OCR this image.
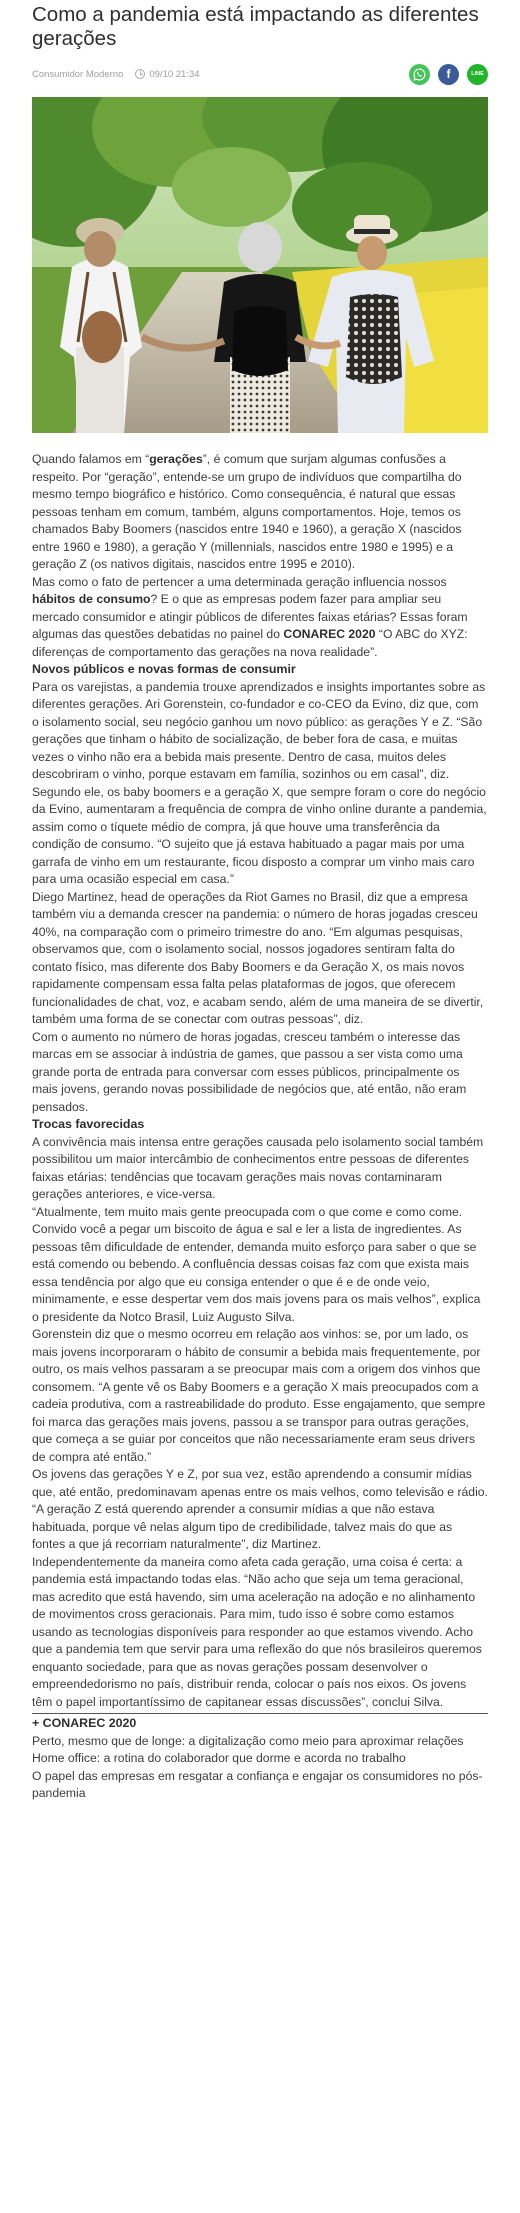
Como a pandemia está impactando as diferentes gerações
Consumidor Moderno	09/10 21:34	f	LINE

Quando falamos em “gerações”, é comum que surjam algumas confusões a respeito. Por “geração”, entende-se um grupo de indivíduos que compartilha do mesmo tempo biográfico e histórico. Como consequência, é natural que essas pessoas tenham em comum, também, alguns comportamentos. Hoje, temos os chamados Baby Boomers (nascidos entre 1940 e 1960), a geração X (nascidos entre 1960 e 1980), a geração Y (millennials, nascidos entre 1980 e 1995) e a geração Z (os nativos digitais, nascidos entre 1995 e 2010).

Mas como o fato de pertencer a uma determinada geração influencia nossos hábitos de consumo? E o que as empresas podem fazer para ampliar seu mercado consumidor e atingir públicos de diferentes faixas etárias? Essas foram algumas das questões debatidas no painel do CONAREC 2020 “O ABC do XYZ: diferenças de comportamento das gerações na nova realidade”.

Novos públicos e novas formas de consumir

Para os varejistas, a pandemia trouxe aprendizados e insights importantes sobre as diferentes gerações. Ari Gorenstein, co-fundador e co-CEO da Evino, diz que, com o isolamento social, seu negócio ganhou um novo público: as gerações Y e Z. “São gerações que tinham o hábito de socialização, de beber fora de casa, e muitas vezes o vinho não era a bebida mais presente. Dentro de casa, muitos deles descobriram o vinho, porque estavam em família, sozinhos ou em casal”, diz.

Segundo ele, os baby boomers e a geração X, que sempre foram o core do negócio da Evino, aumentaram a frequência de compra de vinho online durante a pandemia, assim como o tíquete médio de compra, já que houve uma transferência da condição de consumo. “O sujeito que já estava habituado a pagar mais por uma garrafa de vinho em um restaurante, ficou disposto a comprar um vinho mais caro para uma ocasião especial em casa.”

Diego Martinez, head de operações da Riot Games no Brasil, diz que a empresa também viu a demanda crescer na pandemia: o número de horas jogadas cresceu 40%, na comparação com o primeiro trimestre do ano. “Em algumas pesquisas, observamos que, com o isolamento social, nossos jogadores sentiram falta do contato físico, mas diferente dos Baby Boomers e da Geração X, os mais novos rapidamente compensam essa falta pelas plataformas de jogos, que oferecem funcionalidades de chat, voz, e acabam sendo, além de uma maneira de se divertir, também uma forma de se conectar com outras pessoas”, diz.

Com o aumento no número de horas jogadas, cresceu também o interesse das marcas em se associar à indústria de games, que passou a ser vista como uma grande porta de entrada para conversar com esses públicos, principalmente os mais jovens, gerando novas possibilidade de negócios que, até então, não eram pensados.

Trocas favorecidas

A convivência mais intensa entre gerações causada pelo isolamento social também possibilitou um maior intercâmbio de conhecimentos entre pessoas de diferentes faixas etárias: tendências que tocavam gerações mais novas contaminaram gerações anteriores, e vice-versa.

“Atualmente, tem muito mais gente preocupada com o que come e como come. Convido você a pegar um biscoito de água e sal e ler a lista de ingredientes. As pessoas têm dificuldade de entender, demanda muito esforço para saber o que se está comendo ou bebendo. A confluência dessas coisas faz com que exista mais essa tendência por algo que eu consiga entender o que é e de onde veio, minimamente, e esse despertar vem dos mais jovens para os mais velhos”, explica o presidente da Notco Brasil, Luiz Augusto Silva.

Gorenstein diz que o mesmo ocorreu em relação aos vinhos: se, por um lado, os mais jovens incorporaram o hábito de consumir a bebida mais frequentemente, por outro, os mais velhos passaram a se preocupar mais com a origem dos vinhos que consomem. “A gente vê os Baby Boomers e a geração X mais preocupados com a cadeia produtiva, com a rastreabilidade do produto. Esse engajamento, que sempre foi marca das gerações mais jovens, passou a se transpor para outras gerações, que começa a se guiar por conceitos que não necessariamente eram seus drivers de compra até então.”

Os jovens das gerações Y e Z, por sua vez, estão aprendendo a consumir mídias que, até então, predominavam apenas entre os mais velhos, como televisão e rádio. “A geração Z está querendo aprender a consumir mídias a que não estava habituada, porque vê nelas algum tipo de credibilidade, talvez mais do que as fontes a que já recorriam naturalmente”, diz Martinez.

Independentemente da maneira como afeta cada geração, uma coisa é certa: a pandemia está impactando todas elas. “Não acho que seja um tema geracional, mas acredito que está havendo, sim uma aceleração na adoção e no alinhamento de movimentos cross geracionais. Para mim, tudo isso é sobre como estamos usando as tecnologias disponíveis para responder ao que estamos vivendo. Acho que a pandemia tem que servir para uma reflexão do que nós brasileiros queremos enquanto sociedade, para que as novas gerações possam desenvolver o empreendedorismo no país, distribuir renda, colocar o país nos eixos. Os jovens têm o papel importantíssimo de capitanear essas discussões”, conclui Silva.

+ CONAREC 2020

Perto, mesmo que de longe: a digitalização como meio para aproximar relações

Home office: a rotina do colaborador que dorme e acorda no trabalho

O papel das empresas em resgatar a confiança e engajar os consumidores no pós-pandemia
